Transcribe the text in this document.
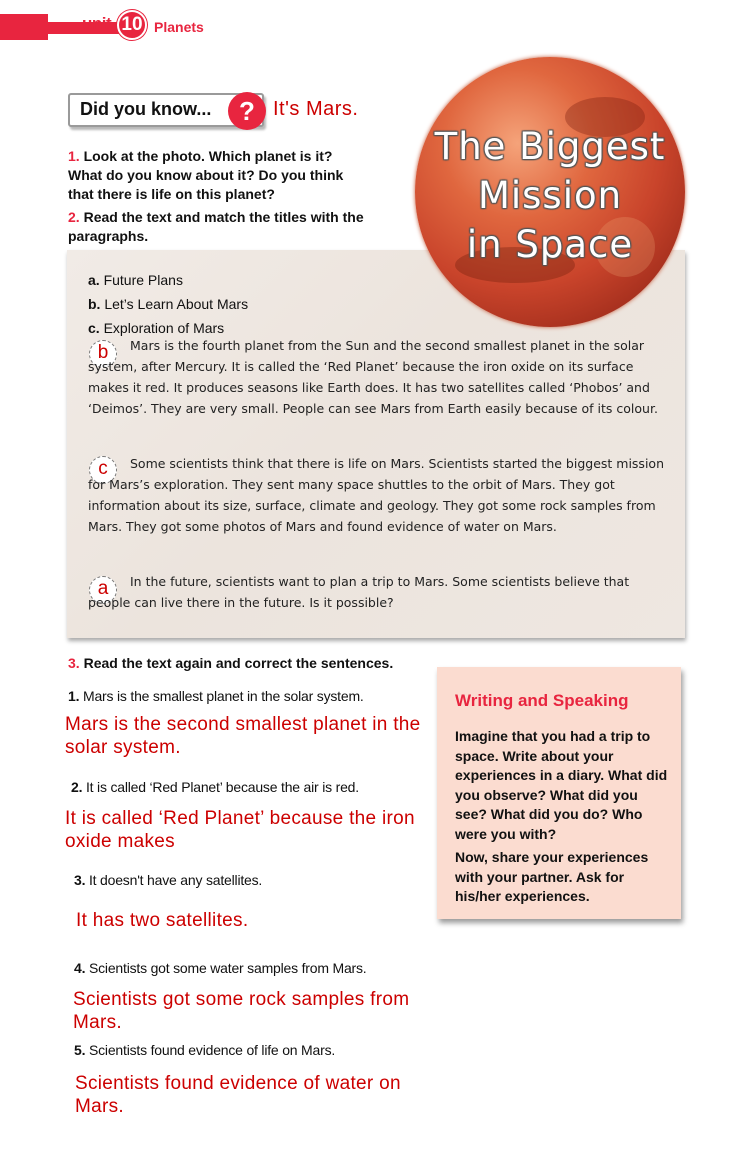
unit 10 Planets
Did you know...	? It's Mars.
1. Look at the photo. Which planet is it? What do you know about it? Do you think that there is life on this planet?
2. Read the text and match the titles with the paragraphs.
The Biggest
Mission
in Space
a. Future Plans
b. Let’s Learn About Mars
c. Exploration of Mars
b	Mars is the fourth planet from the Sun and the second smallest planet in the solar system, after Mercury. It is called the ‘Red Planet’ because the iron oxide on its surface makes it red. It produces seasons like Earth does. It has two satellites called ‘Phobos’ and ‘Deimos’. They are very small. People can see Mars from Earth easily because of its colour.
c	Some scientists think that there is life on Mars. Scientists started the biggest mission for Mars’s exploration. They sent many space shuttles to the orbit of Mars. They got information about its size, surface, climate and geology. They got some rock samples from Mars. They got some photos of Mars and found evidence of water on Mars.
a	In the future, scientists want to plan a trip to Mars. Some scientists believe that people can live there in the future. Is it possible?
3. Read the text again and correct the sentences.
1. Mars is the smallest planet in the solar system.
Mars is the second smallest planet in the solar system.
2. It is called ‘Red Planet’ because the air is red.
It is called ‘Red Planet’ because the iron oxide makes
3. It doesn't have any satellites.
It has two satellites.
4. Scientists got some water samples from Mars.
Scientists got some rock samples from Mars.
5. Scientists found evidence of life on Mars.
Scientists found evidence of water on Mars.
Writing and Speaking
Imagine that you had a trip to space. Write about your experiences in a diary. What did you observe? What did you see? What did you do? Who were you with?
Now, share your experiences with your partner. Ask for his/her experiences.
